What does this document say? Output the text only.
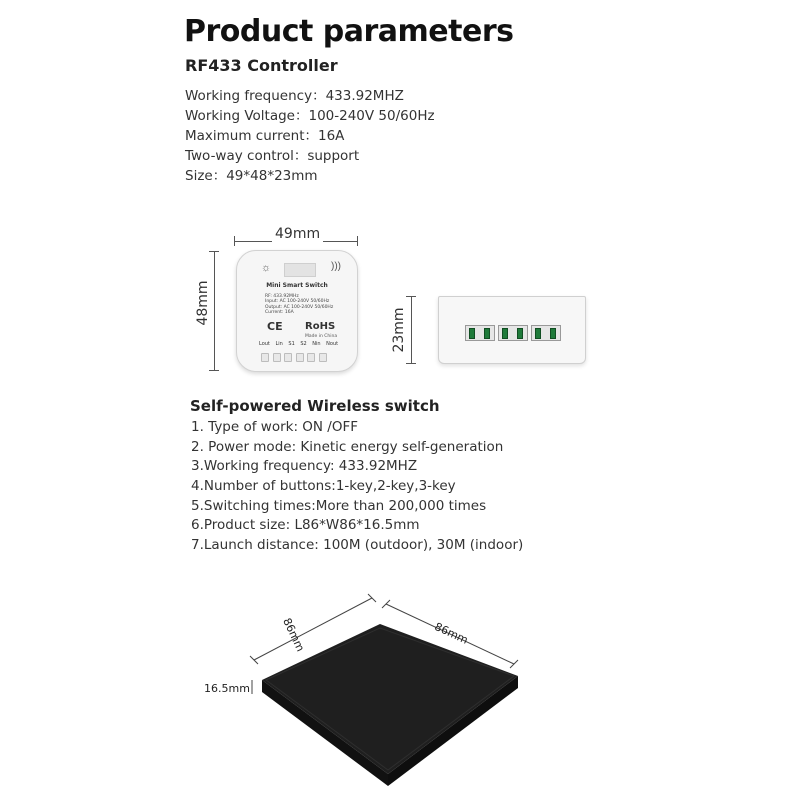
Product parameters
RF433 Controller
Working frequency：433.92MHZ
Working Voltage：100-240V 50/60Hz
Maximum current：16A
Two-way control：support
Size：49*48*23mm
49mm
48mm
☼	)))
Mini Smart Switch
RF: 433.92MHz
Input: AC 100-240V 50/60Hz
Output: AC 100-240V 50/60Hz
Current: 16A
CE RoHS
Made in China
Lout Lin S1 S2 Nin Nout	23mm
Self-powered Wireless switch
1. Type of work: ON /OFF
2. Power mode: Kinetic energy self-generation
3.Working frequency: 433.92MHZ
4.Number of buttons:1-key,2-key,3-key
5.Switching times:More than 200,000 times
6.Product size: L86*W86*16.5mm
7.Launch distance: 100M (outdoor), 30M (indoor)
86mm	86mm
16.5mm
